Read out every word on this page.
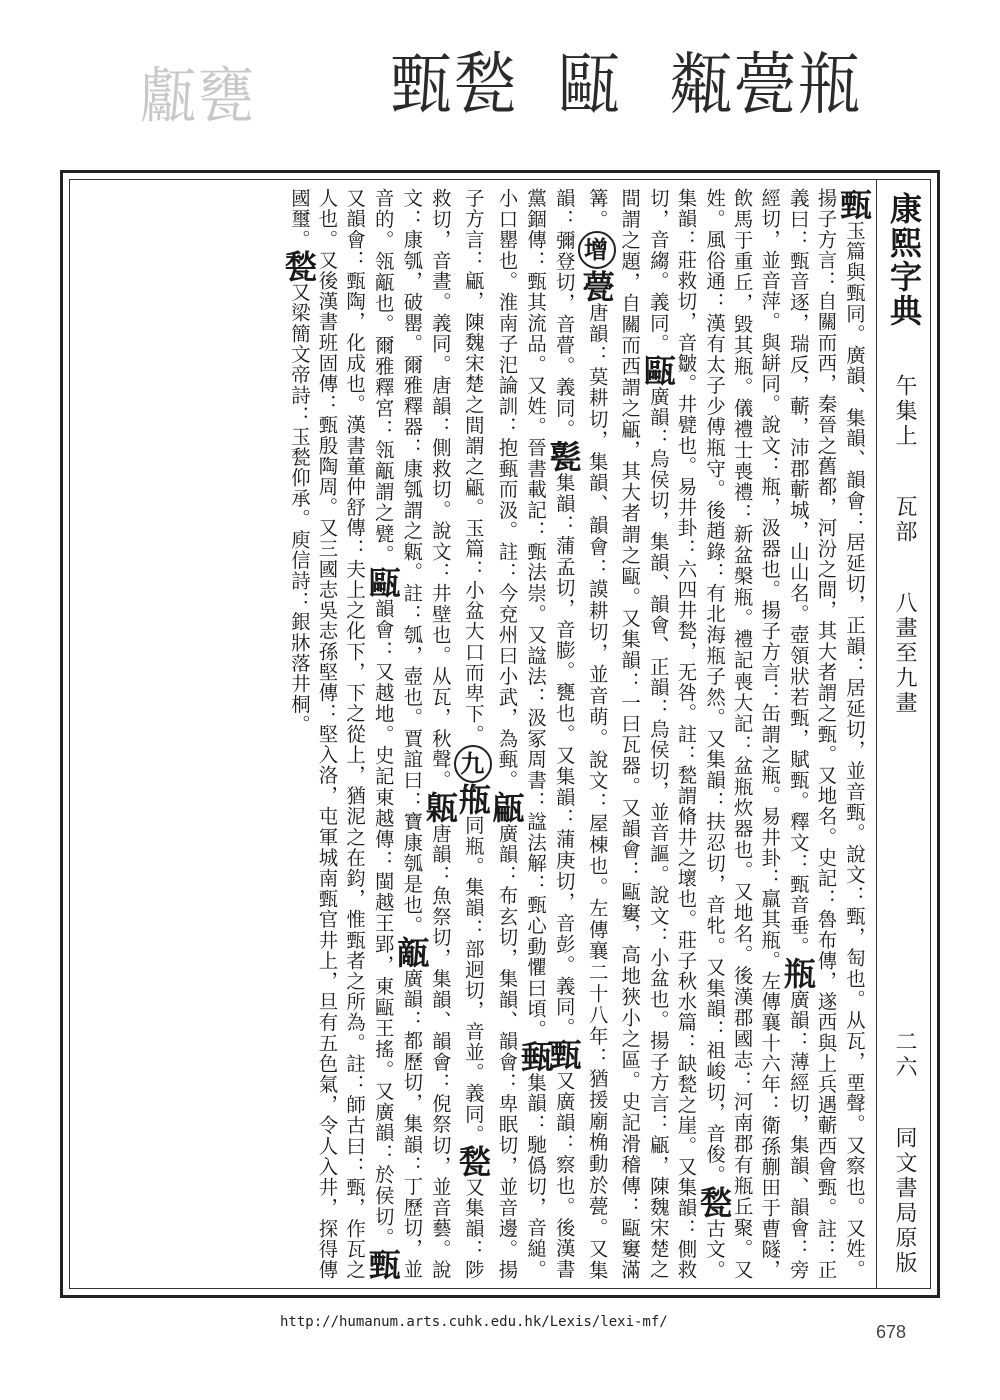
甗甕 甄甃 甌 甐甍瓶
康熙字典
午集上
瓦部
八畫至九畫
二六
同文書局原版
甄玉篇與甄同。廣韻、集韻、韻會：居延切，正韻：居延切，並音甄。說文：甄，匋也。从瓦，垔聲。又察也。又姓。揚子方言：自關而西，秦晉之舊都，河汾之間，其大者謂之甄。又地名。史記：魯布傳，遂西與上兵遇蘄西會甄。註：正義曰：甄音逐，瑞反，蘄，沛郡蘄城，山山名。壺領狀若甄，賦甄。釋文：甄音垂。瓶廣韻：薄經切，集韻、韻會：旁經切，並音萍。與缾同。說文：瓶，汲器也。揚子方言：缶謂之瓶。易井卦：羸其瓶。左傳襄十六年：衛孫蒯田于曹隧，飲馬于重丘，毀其瓶。儀禮士喪禮：新盆槃瓶。禮記喪大記：盆瓶炊器也。又地名。後漢郡國志：河南郡有瓶丘聚。又姓。風俗通：漢有太子少傅瓶守。後趙錄：有北海瓶子然。又集韻：扶忍切，音牝。又集韻：祖峻切，音俊。甃古文。集韻：莊救切，音皺。井甓也。易井卦：六四井甃，无咎。註：甃謂脩井之壞也。莊子秋水篇：缺甃之崖。又集韻：側救切，音縐。義同。甌廣韻：烏侯切，集韻、韻會、正韻：烏侯切，並音謳。說文：小盆也。揚子方言：甂，陳魏宋楚之間謂之題，自關而西謂之甂，其大者謂之甌。又集韻：一曰瓦器。又韻會：甌窶，高地狹小之區。史記滑稽傳：甌窶滿篝。增甍唐韻：莫耕切，集韻、韻會：謨耕切，並音萌。說文：屋棟也。左傳襄二十八年：猶援廟桷動於甍。又集韻：彌登切，音瞢。義同。甏集韻：蒲孟切，音膨。甕也。又集韻：蒲庚切，音彭。義同。甄又廣韻：察也。後漢書黨錮傳：甄其流品。又姓。晉書載記：甄法崇。又諡法：汲冢周書：諡法解：甄心動懼曰頃。甀集韻：馳僞切，音縋。小口罌也。淮南子汜論訓：抱甀而汲。註：今兗州曰小武，為甀。甂廣韻：布玄切，集韻、韻會：卑眠切，並音邊。揚子方言：甂，陳魏宋楚之間謂之甂。玉篇：小盆大口而卑下。九甁同瓶。集韻：部迥切，音並。義同。甃又集韻：陟救切，音晝。義同。唐韻：側救切。說文：井壁也。从瓦，秋聲。甈唐韻：魚祭切，集韻、韻會：倪祭切，並音藝。說文：康瓠，破罌。爾雅釋器：康瓠謂之甈。註：瓠，壺也。賈誼曰：寶康瓠是也。甋廣韻：都歷切，集韻：丁歷切，並音的。瓴甋也。爾雅釋宮：瓴甋謂之甓。甌韻會：又越地。史記東越傳：閩越王郢，東甌王搖。又廣韻：於侯切。甄又韻會：甄陶，化成也。漢書董仲舒傳：夫上之化下，下之從上，猶泥之在鈞，惟甄者之所為。註：師古曰：甄，作瓦之人也。又後漢書班固傳：甄殷陶周。又三國志吳志孫堅傳：堅入洛，屯軍城南甄官井上，旦有五色氣，令人入井，探得傳國璽。甃又梁簡文帝詩：玉甃仰承。庾信詩：銀牀落井桐。
http://humanum.arts.cuhk.edu.hk/Lexis/lexi-mf/	678
